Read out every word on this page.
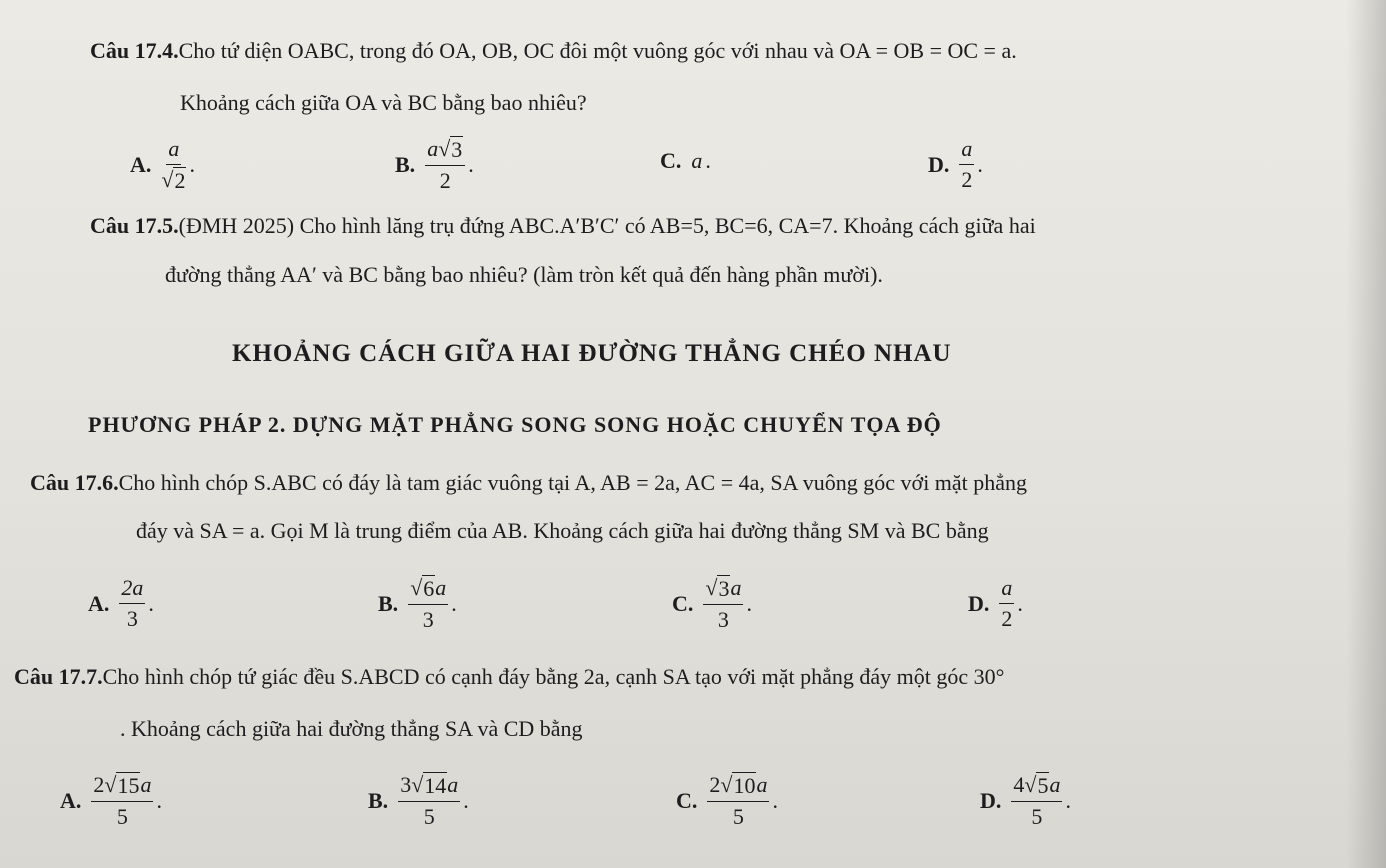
Câu 17.4.Cho tứ diện OABC, trong đó OA, OB, OC đôi một vuông góc với nhau và OA = OB = OC = a.
Khoảng cách giữa OA và BC bằng bao nhiêu?
A. $\frac{a}{√ 2}$ .	B. $\frac{a √ 3}{2}$ .	C. a .	D. $\frac{a}{2}$ .
Câu 17.5.(ĐMH 2025) Cho hình lăng trụ đứng ABC.A′B′C′ có AB=5, BC=6, CA=7. Khoảng cách giữa hai
đường thẳng AA′ và BC bằng bao nhiêu? (làm tròn kết quả đến hàng phần mười).
KHOẢNG CÁCH GIỮA HAI ĐƯỜNG THẲNG CHÉO NHAU
PHƯƠNG PHÁP 2. DỰNG MẶT PHẲNG SONG SONG HOẶC CHUYỂN TỌA ĐỘ
Câu 17.6.Cho hình chóp S.ABC có đáy là tam giác vuông tại A, AB = 2a, AC = 4a, SA vuông góc với mặt phẳng
đáy và SA = a. Gọi M là trung điểm của AB. Khoảng cách giữa hai đường thẳng SM và BC bằng
A. $\frac{2a}{3}$ .	B. $\frac{√ 6 a}{3}$ .	C. $\frac{√ 3 a}{3}$ .	D. $\frac{a}{2}$ .
Câu 17.7.Cho hình chóp tứ giác đều S.ABCD có cạnh đáy bằng 2a, cạnh SA tạo với mặt phẳng đáy một góc 30°
. Khoảng cách giữa hai đường thẳng SA và CD bằng
A. $\frac{2 √ 15 a}{5}$ .	B. $\frac{3 √ 14 a}{5}$ .	C. $\frac{2 √ 10 a}{5}$ .	D. $\frac{4 √ 5 a}{5}$ .
